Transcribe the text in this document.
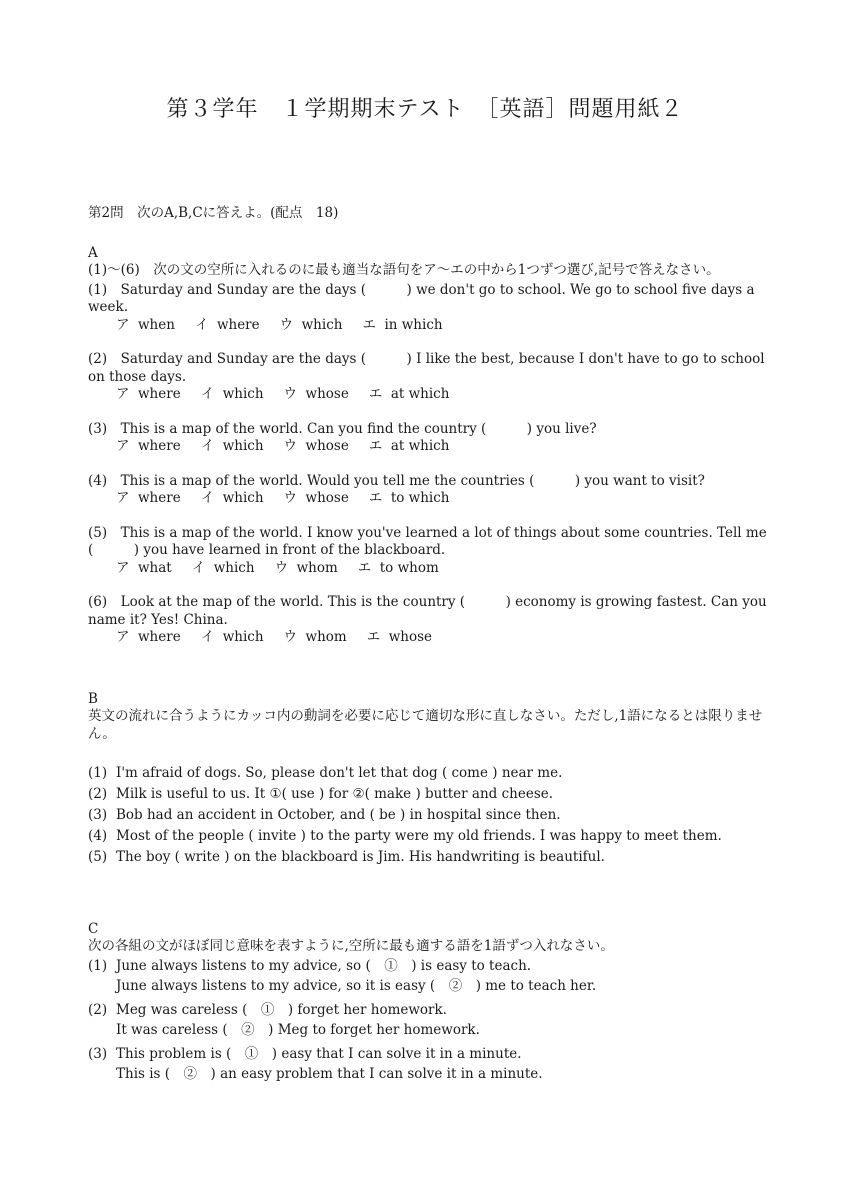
第３学年　１学期期末テスト　［英語］問題用紙２
第2問　次のA,B,Cに答えよ。(配点　18)

A

(1)〜(6)　次の文の空所に入れるのに最も適当な語句をア〜エの中から1つずつ選び,記号で答えなさい。

(1)　Saturday and Sunday are the days (　　　) we don't go to school. We go to school five days a week.

ア when イ where ウ which エ in which

(2)　Saturday and Sunday are the days (　　　) I like the best, because I don't have to go to school on those days.

ア where イ which ウ whose エ at which

(3)　This is a map of the world. Can you find the country (　　　) you live?

ア where イ which ウ whose エ at which

(4)　This is a map of the world. Would you tell me the countries (　　　) you want to visit?

ア where イ which ウ whose エ to which

(5)　This is a map of the world. I know you've learned a lot of things about some countries. Tell me (　　　) you have learned in front of the blackboard.

ア what イ which ウ whom エ to whom

(6)　Look at the map of the world. This is the country (　　　) economy is growing fastest. Can you name it? Yes! China.

ア where イ which ウ whom エ whose

B

英文の流れに合うようにカッコ内の動詞を必要に応じて適切な形に直しなさい。ただし,1語になるとは限りません。

(1) I'm afraid of dogs. So, please don't let that dog ( come ) near me.
(2) Milk is useful to us. It ①( use ) for ②( make ) butter and cheese.
(3) Bob had an accident in October, and ( be ) in hospital since then.
(4) Most of the people ( invite ) to the party were my old friends. I was happy to meet them.
(5) The boy ( write ) on the blackboard is Jim. His handwriting is beautiful.

C

次の各組の文がほぼ同じ意味を表すように,空所に最も適する語を1語ずつ入れなさい。

(1) June always listens to my advice, so (　①　) is easy to teach.

June always listens to my advice, so it is easy (　②　) me to teach her.

(2) Meg was careless (　①　) forget her homework.

It was careless (　②　) Meg to forget her homework.

(3) This problem is (　①　) easy that I can solve it in a minute.

This is (　②　) an easy problem that I can solve it in a minute.
